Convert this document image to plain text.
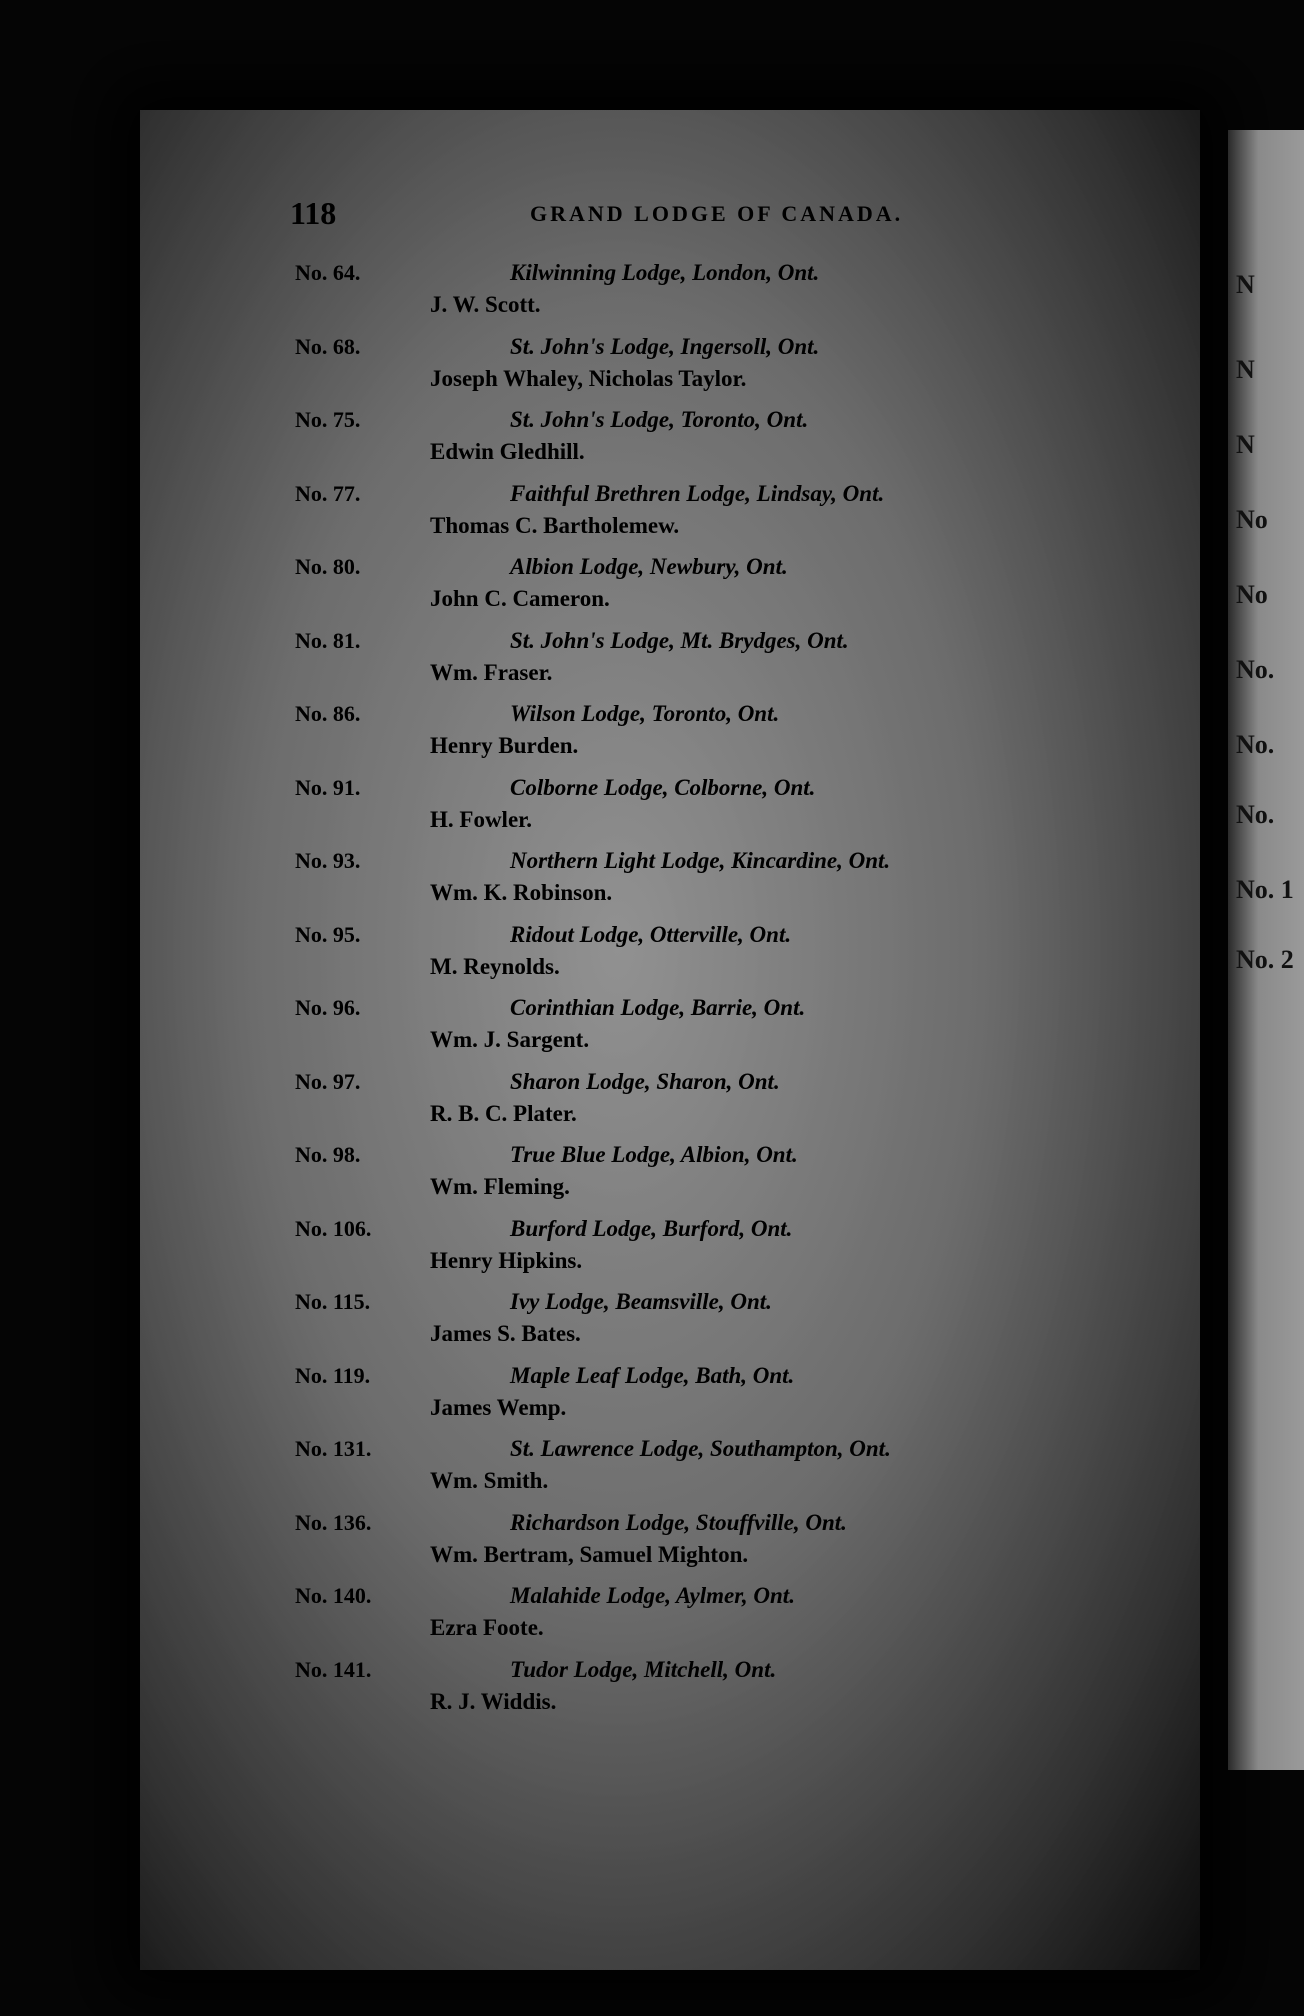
118	GRAND LODGE OF CANADA.
No. 64.	Kilwinning Lodge, London, Ont.
J. W. Scott.
No. 68.	St. John's Lodge, Ingersoll, Ont.
Joseph Whaley, Nicholas Taylor.
No. 75.	St. John's Lodge, Toronto, Ont.
Edwin Gledhill.
No. 77.	Faithful Brethren Lodge, Lindsay, Ont.
Thomas C. Bartholemew.
No. 80.	Albion Lodge, Newbury, Ont.
John C. Cameron.
No. 81.	St. John's Lodge, Mt. Brydges, Ont.
Wm. Fraser.
No. 86.	Wilson Lodge, Toronto, Ont.
Henry Burden.
No. 91.	Colborne Lodge, Colborne, Ont.
H. Fowler.
No. 93.	Northern Light Lodge, Kincardine, Ont.
Wm. K. Robinson.
No. 95.	Ridout Lodge, Otterville, Ont.
M. Reynolds.
No. 96.	Corinthian Lodge, Barrie, Ont.
Wm. J. Sargent.
No. 97.	Sharon Lodge, Sharon, Ont.
R. B. C. Plater.
No. 98.	True Blue Lodge, Albion, Ont.
Wm. Fleming.
No. 106.	Burford Lodge, Burford, Ont.
Henry Hipkins.
No. 115.	Ivy Lodge, Beamsville, Ont.
James S. Bates.
No. 119.	Maple Leaf Lodge, Bath, Ont.
James Wemp.
No. 131.	St. Lawrence Lodge, Southampton, Ont.
Wm. Smith.
No. 136.	Richardson Lodge, Stouffville, Ont.
Wm. Bertram, Samuel Mighton.
No. 140.	Malahide Lodge, Aylmer, Ont.
Ezra Foote.
No. 141.	Tudor Lodge, Mitchell, Ont.
R. J. Widdis.
N
N
N
No
No
No.
No.
No.
No. 1
No. 2
